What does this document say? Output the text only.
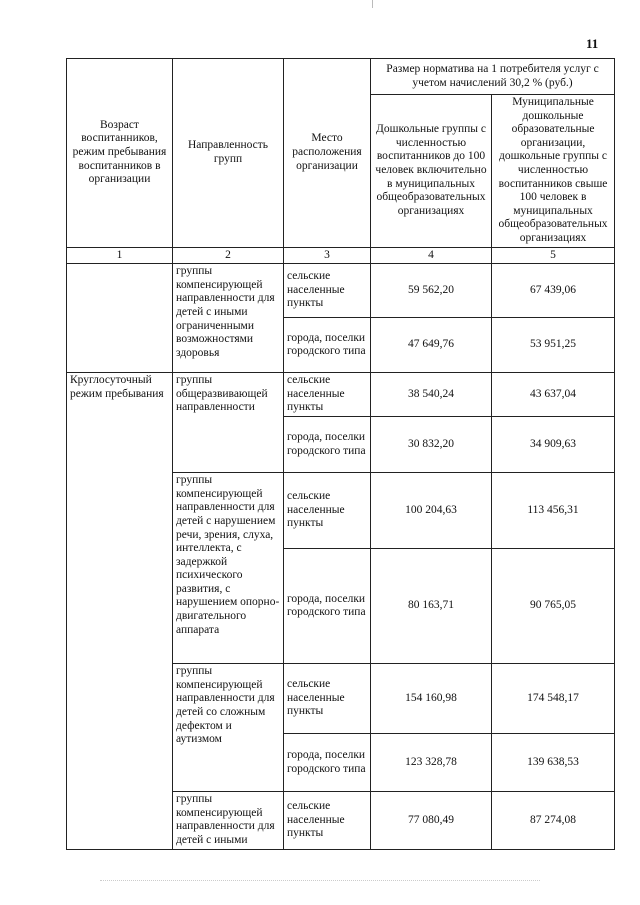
11
Возраст воспитанников, режим пребывания воспитанников в организации	Направленность групп	Место расположения организации	Размер норматива на 1 потребителя услуг с учетом начислений 30,2 % (руб.)	
			Дошкольные группы с численностью воспитанников до 100 человек включительно в муниципальных общеобразовательных организациях	Муниципальные дошкольные образовательные организации, дошкольные группы с численностью воспитанников свыше 100 человек в муниципальных общеобразовательных организациях
1	2	3	4	5
	группы компенсирующей направленности для детей с иными ограниченными возможностями здоровья	сельские населенные пункты	59 562,20	67 439,06
		города, поселки городского типа	47 649,76	53 951,25
Круглосуточный режим пребывания	группы общеразвивающей направленности	сельские населенные пункты	38 540,24	43 637,04
		города, поселки городского типа	30 832,20	34 909,63
	группы компенсирующей направленности для детей с нарушением речи, зрения, слуха, интеллекта, с задержкой психического развития, с нарушением опорно-двигательного аппарата	сельские населенные пункты	100 204,63	113 456,31
		города, поселки городского типа	80 163,71	90 765,05
	группы компенсирующей направленности для детей со сложным дефектом и аутизмом	сельские населенные пункты	154 160,98	174 548,17
		города, поселки городского типа	123 328,78	139 638,53
	группы компенсирующей направленности для детей с иными	сельские населенные пункты	77 080,49	87 274,08
